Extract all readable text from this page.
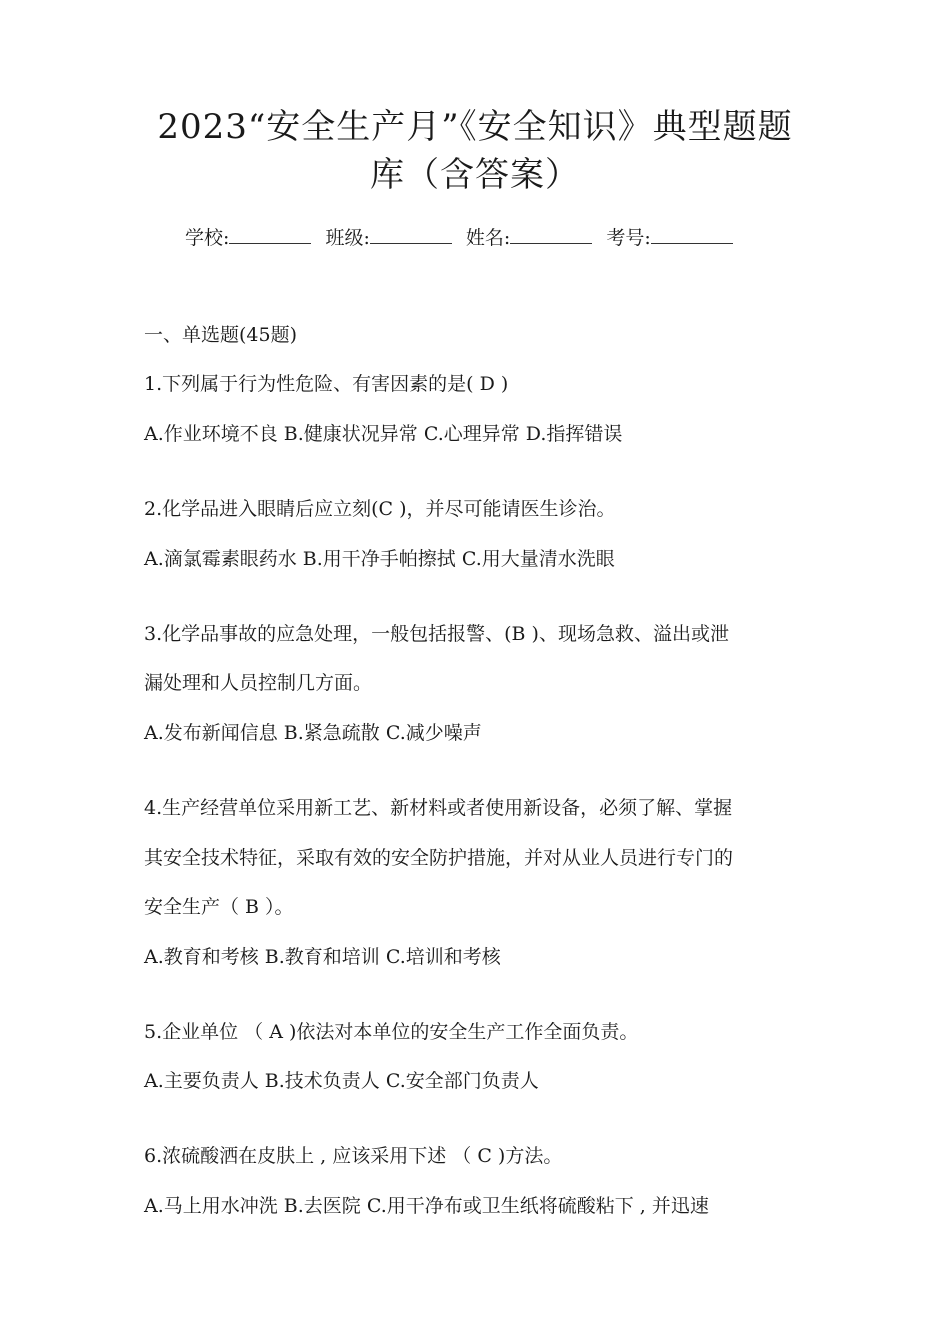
2023“安全生产月”《安全知识》典型题题
库（含答案）
学校:	班级:	姓名:	考号:
一、单选题(45题)
1.下列属于行为性危险、有害因素的是( D )
A.作业环境不良 B.健康状况异常 C.心理异常 D.指挥错误
2.化学品进入眼睛后应立刻(C )，并尽可能请医生诊治。
A.滴氯霉素眼药水 B.用干净手帕擦拭 C.用大量清水洗眼
3.化学品事故的应急处理，一般包括报警、(B )、现场急救、溢出或泄
漏处理和人员控制几方面。
A.发布新闻信息 B.紧急疏散 C.减少噪声
4.生产经营单位采用新工艺、新材料或者使用新设备，必须了解、掌握
其安全技术特征，采取有效的安全防护措施，并对从业人员进行专门的
安全生产（ B ）。
A.教育和考核 B.教育和培训 C.培训和考核
5.企业单位 （ A )依法对本单位的安全生产工作全面负责。
A.主要负责人 B.技术负责人 C.安全部门负责人
6.浓硫酸洒在皮肤上 , 应该采用下述 （ C )方法。
A.马上用水冲洗 B.去医院 C.用干净布或卫生纸将硫酸粘下 , 并迅速
